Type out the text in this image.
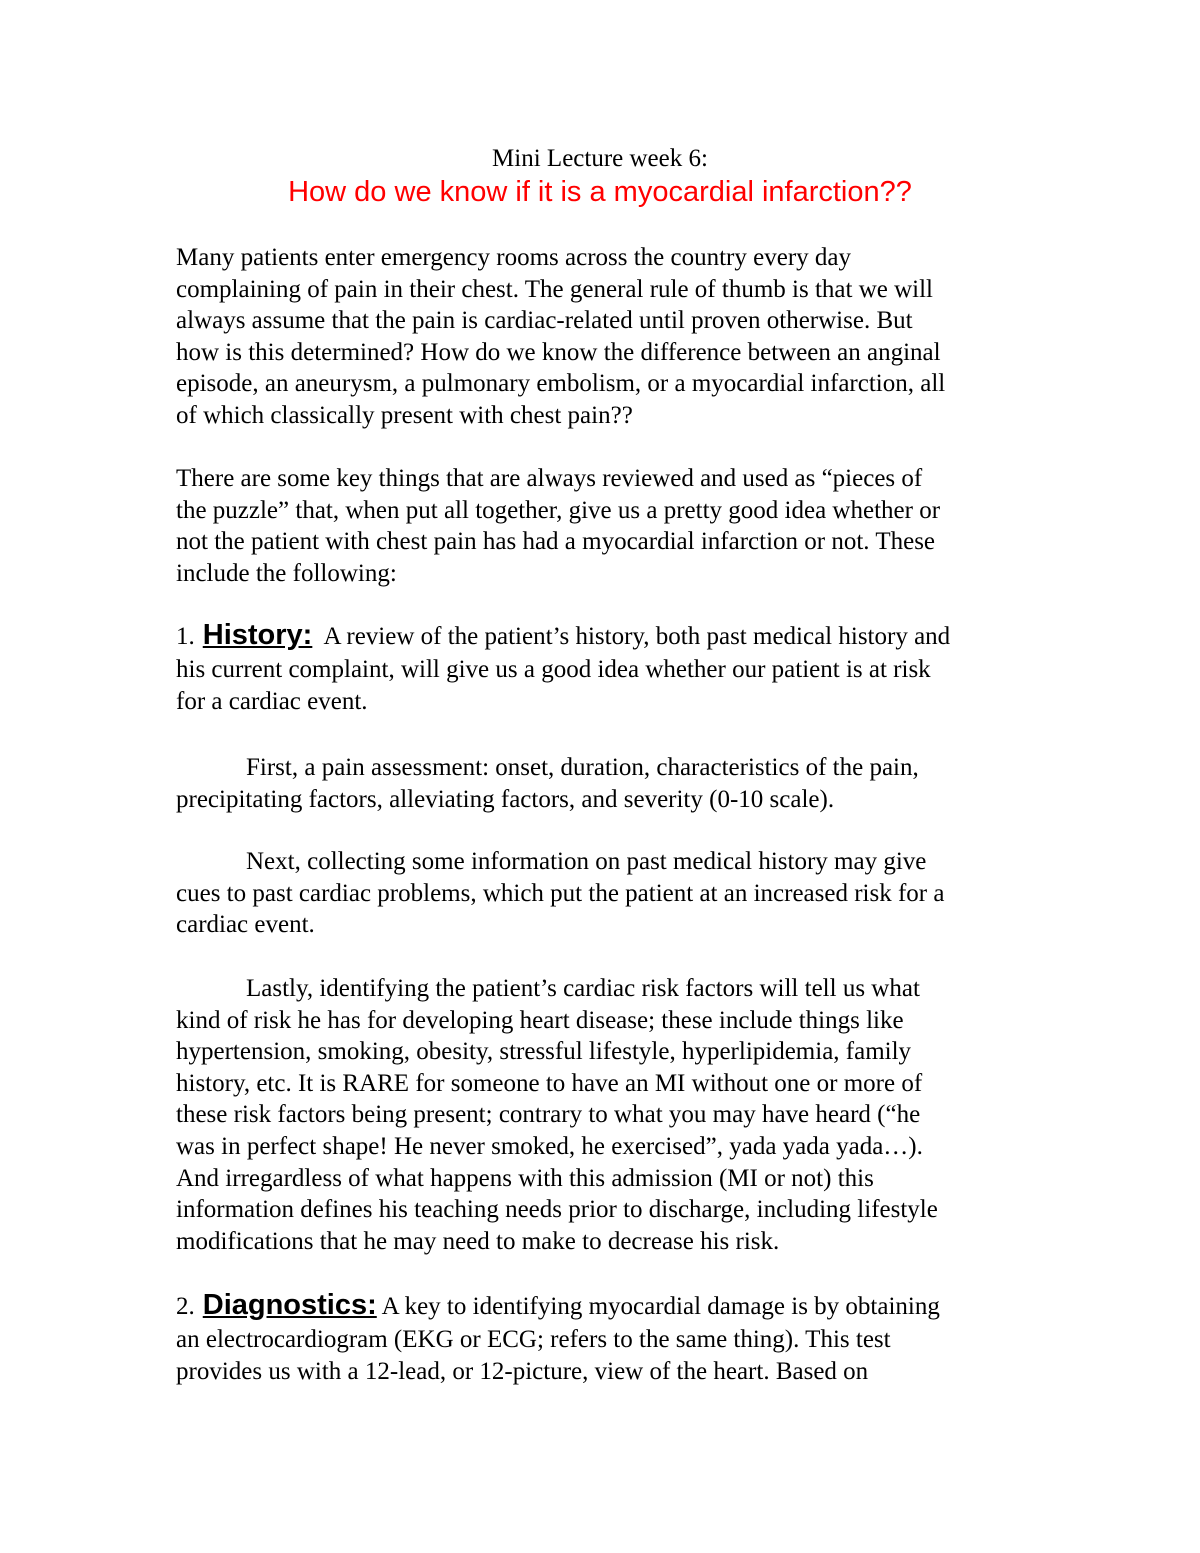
Mini Lecture week 6:
How do we know if it is a myocardial infarction??
Many patients enter emergency rooms across the country every day
complaining of pain in their chest. The general rule of thumb is that we will
always assume that the pain is cardiac-related until proven otherwise. But
how is this determined? How do we know the difference between an anginal
episode, an aneurysm, a pulmonary embolism, or a myocardial infarction, all
of which classically present with chest pain??
There are some key things that are always reviewed and used as “pieces of
the puzzle” that, when put all together, give us a pretty good idea whether or
not the patient with chest pain has had a myocardial infarction or not. These
include the following:
1. History:  A review of the patient’s history, both past medical history and
his current complaint, will give us a good idea whether our patient is at risk
for a cardiac event.
First, a pain assessment: onset, duration, characteristics of the pain,
precipitating factors, alleviating factors, and severity (0-10 scale).
Next, collecting some information on past medical history may give
cues to past cardiac problems, which put the patient at an increased risk for a
cardiac event.
Lastly, identifying the patient’s cardiac risk factors will tell us what
kind of risk he has for developing heart disease; these include things like
hypertension, smoking, obesity, stressful lifestyle, hyperlipidemia, family
history, etc. It is RARE for someone to have an MI without one or more of
these risk factors being present; contrary to what you may have heard (“he
was in perfect shape! He never smoked, he exercised”, yada yada yada…).
And irregardless of what happens with this admission (MI or not) this
information defines his teaching needs prior to discharge, including lifestyle
modifications that he may need to make to decrease his risk.
2. Diagnostics: A key to identifying myocardial damage is by obtaining
an electrocardiogram (EKG or ECG; refers to the same thing). This test
provides us with a 12-lead, or 12-picture, view of the heart. Based on
